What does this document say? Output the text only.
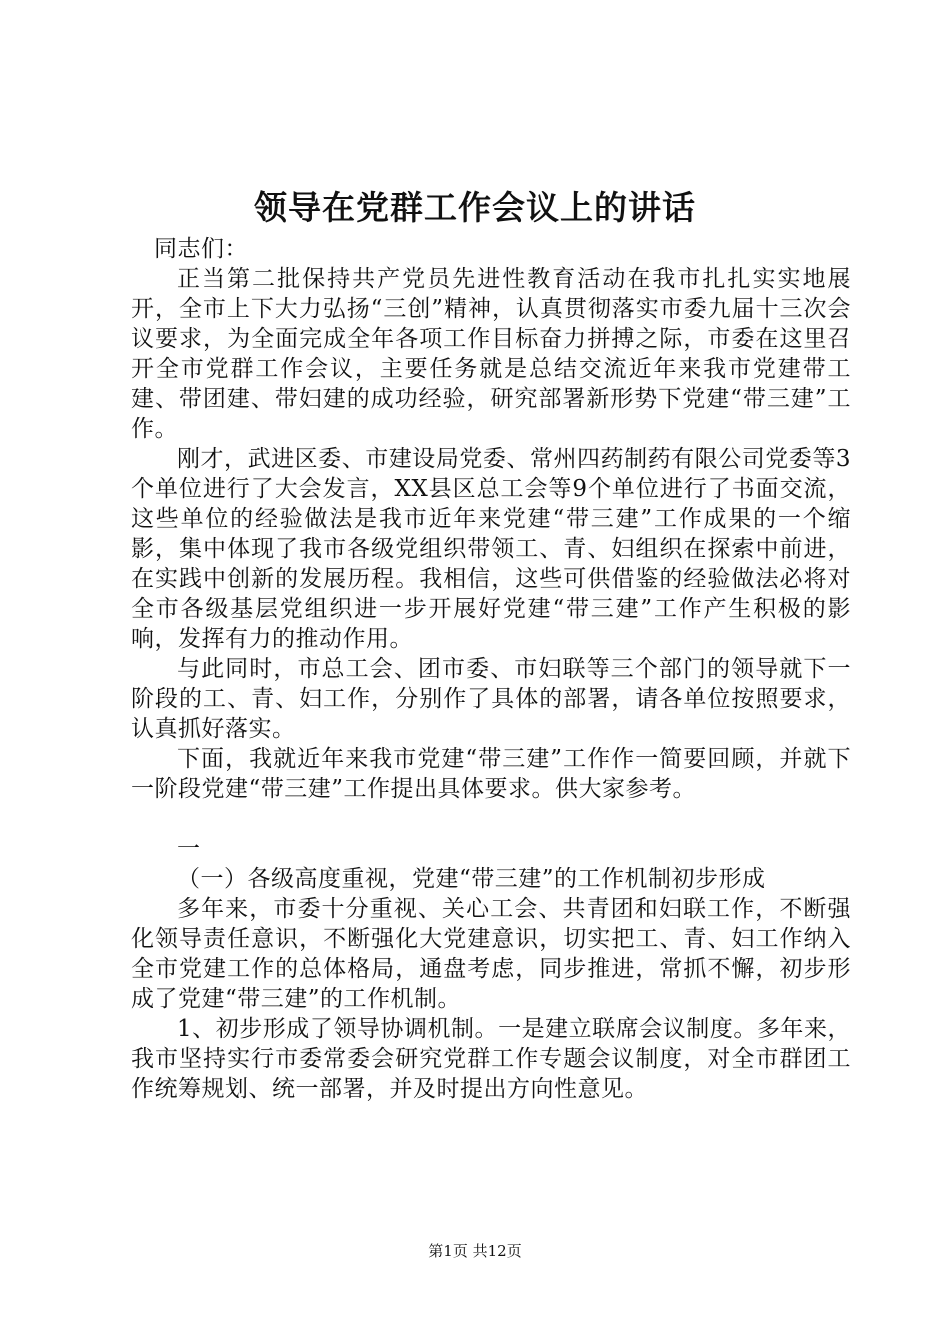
领导在党群工作会议上的讲话

同志们：

正当第二批保持共产党员先进性教育活动在我市扎扎实实地展开，全市上下大力弘扬“三创”精神，认真贯彻落实市委九届十三次会议要求，为全面完成全年各项工作目标奋力拼搏之际，市委在这里召开全市党群工作会议，主要任务就是总结交流近年来我市党建带工建、带团建、带妇建的成功经验，研究部署新形势下党建“带三建”工作。

刚才，武进区委、市建设局党委、常州四药制药有限公司党委等3个单位进行了大会发言，XX县区总工会等9个单位进行了书面交流，这些单位的经验做法是我市近年来党建“带三建”工作成果的一个缩影，集中体现了我市各级党组织带领工、青、妇组织在探索中前进，在实践中创新的发展历程。我相信，这些可供借鉴的经验做法必将对全市各级基层党组织进一步开展好党建“带三建”工作产生积极的影响，发挥有力的推动作用。

与此同时，市总工会、团市委、市妇联等三个部门的领导就下一阶段的工、青、妇工作，分别作了具体的部署，请各单位按照要求，认真抓好落实。

下面，我就近年来我市党建“带三建”工作作一简要回顾，并就下一阶段党建“带三建”工作提出具体要求。供大家参考。

一

（一）各级高度重视，党建“带三建”的工作机制初步形成

多年来，市委十分重视、关心工会、共青团和妇联工作，不断强化领导责任意识，不断强化大党建意识，切实把工、青、妇工作纳入全市党建工作的总体格局，通盘考虑，同步推进，常抓不懈，初步形成了党建“带三建”的工作机制。

1、初步形成了领导协调机制。一是建立联席会议制度。多年来，我市坚持实行市委常委会研究党群工作专题会议制度，对全市群团工作统筹规划、统一部署，并及时提出方向性意见。

第1页 共12页
